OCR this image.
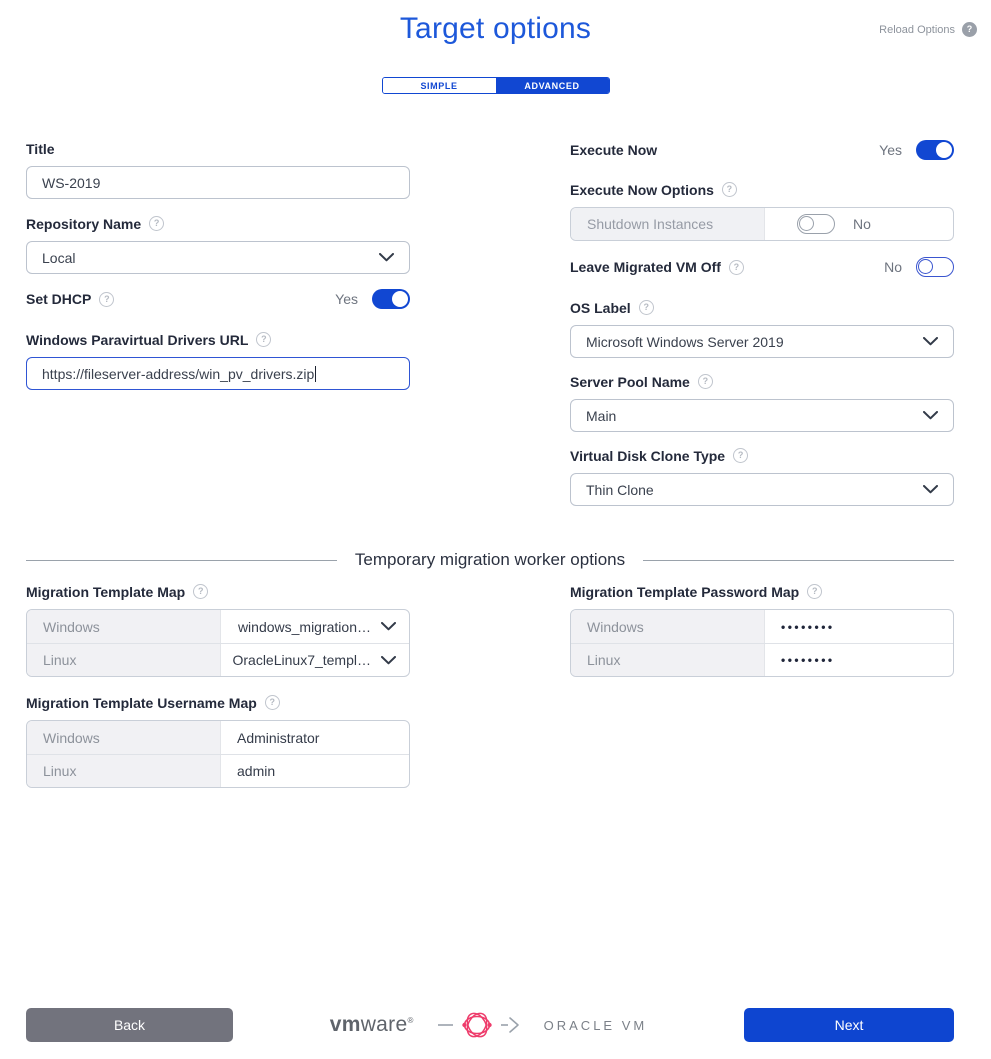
Target options	Reload Options	?
SIMPLE	ADVANCED
Title
WS-2019
Repository Name	?
Local
Set DHCP	?	Yes
Windows Paravirtual Drivers URL	?
https://fileserver-address/win_pv_drivers.zip
Execute Now	Yes
Execute Now Options	?
Shutdown Instances	No
Leave Migrated VM Off	?	No
OS Label	?
Microsoft Windows Server 2019
Server Pool Name	?
Main
Virtual Disk Clone Type	?
Thin Clone
Temporary migration worker options
Migration Template Map	?
Windows	windows_migration…
Linux	OracleLinux7_templ…
Migration Template Username Map	?
Windows	Administrator
Linux	admin
Migration Template Password Map	?
Windows	••••••••
Linux	••••••••
Back	vmware®	ORACLE VM	Next
